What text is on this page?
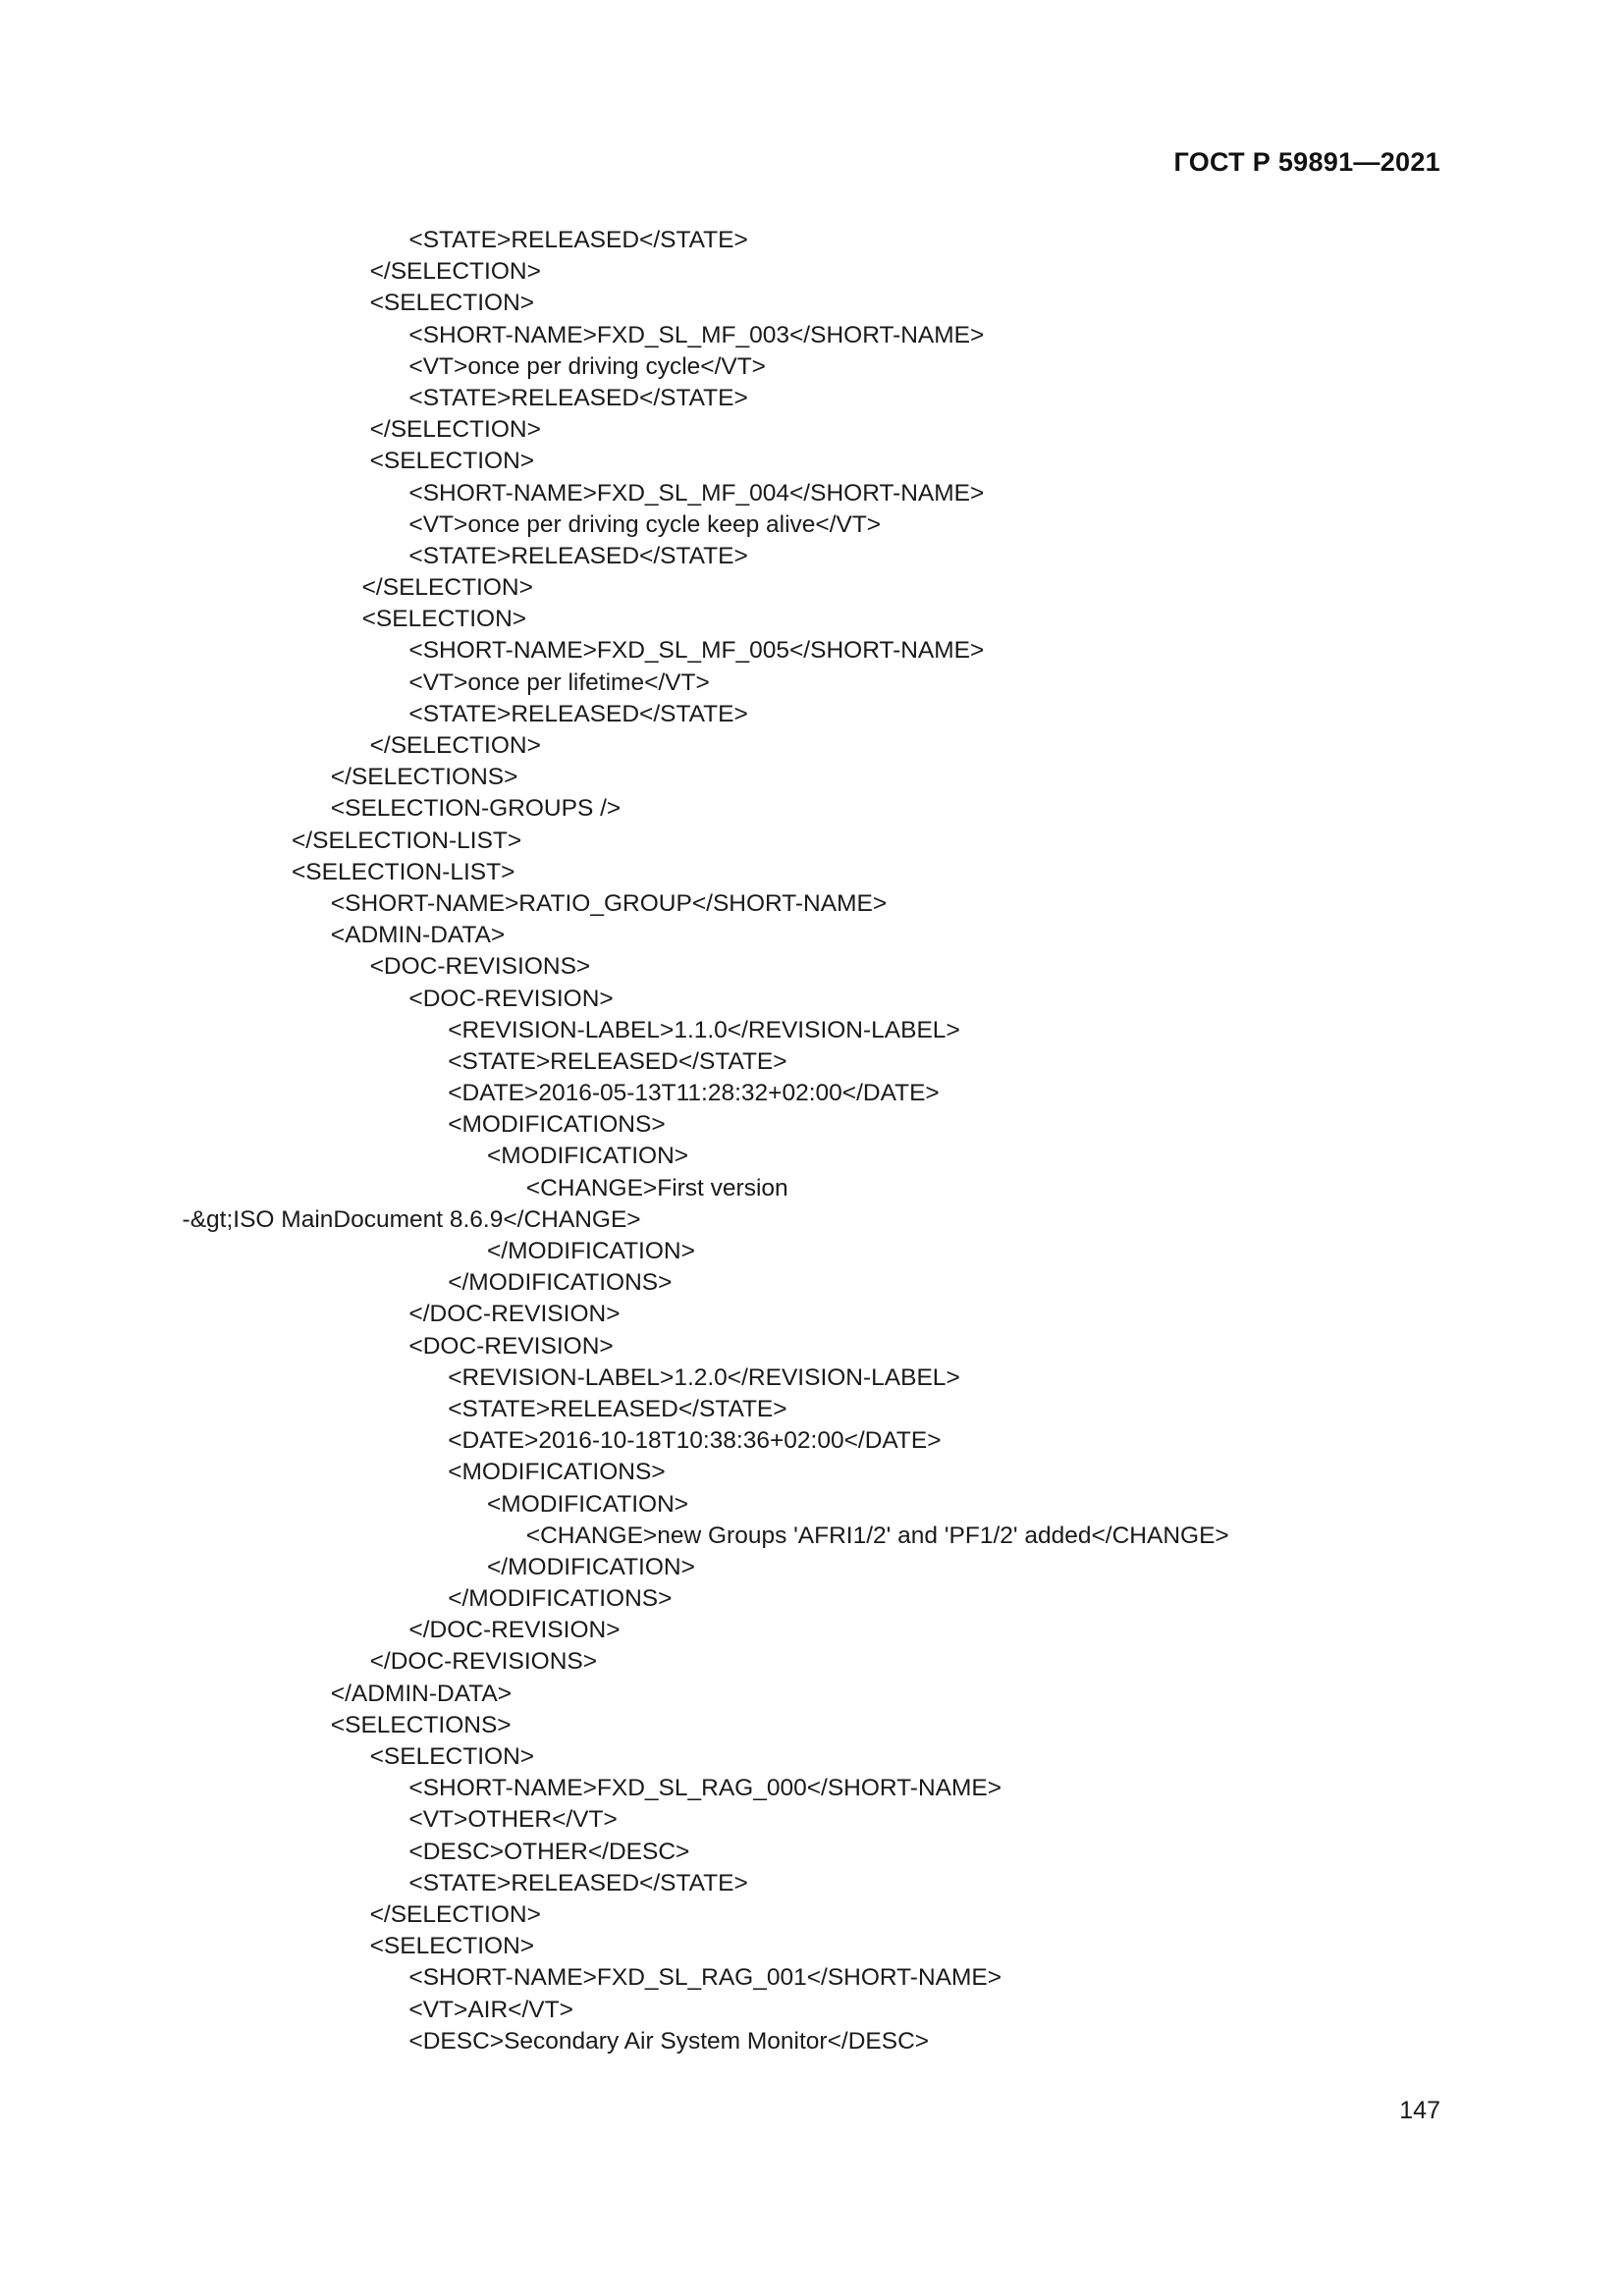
ГОСТ Р 59891—2021
<STATE>RELEASED</STATE>
</SELECTION>
<SELECTION>
<SHORT-NAME>FXD_SL_MF_003</SHORT-NAME>
<VT>once per driving cycle</VT>
<STATE>RELEASED</STATE>
</SELECTION>
<SELECTION>
<SHORT-NAME>FXD_SL_MF_004</SHORT-NAME>
<VT>once per driving cycle keep alive</VT>
<STATE>RELEASED</STATE>
</SELECTION>
<SELECTION>
<SHORT-NAME>FXD_SL_MF_005</SHORT-NAME>
<VT>once per lifetime</VT>
<STATE>RELEASED</STATE>
</SELECTION>
</SELECTIONS>
<SELECTION-GROUPS />
</SELECTION-LIST>
<SELECTION-LIST>
<SHORT-NAME>RATIO_GROUP</SHORT-NAME>
<ADMIN-DATA>
<DOC-REVISIONS>
<DOC-REVISION>
<REVISION-LABEL>1.1.0</REVISION-LABEL>
<STATE>RELEASED</STATE>
<DATE>2016-05-13T11:28:32+02:00</DATE>
<MODIFICATIONS>
<MODIFICATION>
<CHANGE>First version
-&gt;ISO MainDocument 8.6.9</CHANGE>
</MODIFICATION>
</MODIFICATIONS>
</DOC-REVISION>
<DOC-REVISION>
<REVISION-LABEL>1.2.0</REVISION-LABEL>
<STATE>RELEASED</STATE>
<DATE>2016-10-18T10:38:36+02:00</DATE>
<MODIFICATIONS>
<MODIFICATION>
<CHANGE>new Groups 'AFRI1/2' and 'PF1/2' added</CHANGE>
</MODIFICATION>
</MODIFICATIONS>
</DOC-REVISION>
</DOC-REVISIONS>
</ADMIN-DATA>
<SELECTIONS>
<SELECTION>
<SHORT-NAME>FXD_SL_RAG_000</SHORT-NAME>
<VT>OTHER</VT>
<DESC>OTHER</DESC>
<STATE>RELEASED</STATE>
</SELECTION>
<SELECTION>
<SHORT-NAME>FXD_SL_RAG_001</SHORT-NAME>
<VT>AIR</VT>
<DESC>Secondary Air System Monitor</DESC>
147
